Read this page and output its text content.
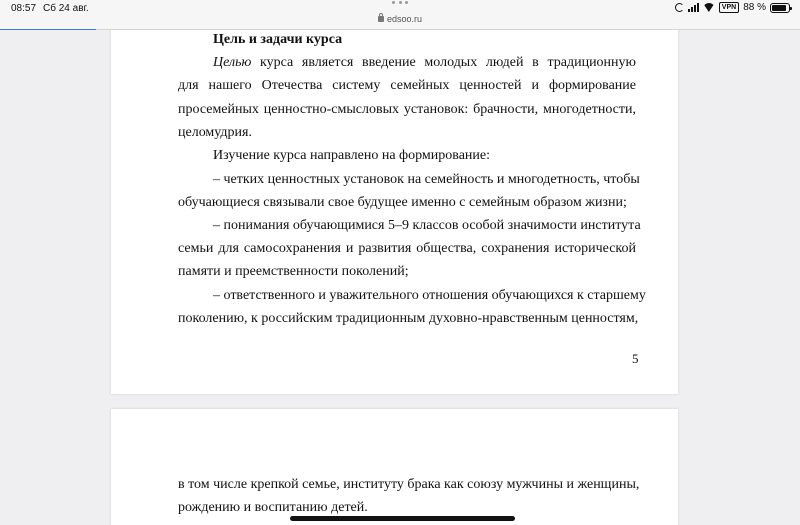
08:57 Сб 24 авг.
edsoo.ru
VPN 88 %
Цель и задачи курса
Целью курса является введение молодых людей в традиционную
для нашего Отечества систему семейных ценностей и формирование
просемейных ценностно-смысловых установок: брачности, многодетности,
целомудрия.
Изучение курса направлено на формирование:
– четких ценностных установок на семейность и многодетность, чтобы
обучающиеся связывали свое будущее именно с семейным образом жизни;
– понимания обучающимися 5–9 классов особой значимости института
семьи для самосохранения и развития общества, сохранения исторической
памяти и преемственности поколений;
– ответственного и уважительного отношения обучающихся к старшему
поколению, к российским традиционным духовно-нравственным ценностям,
5
в том числе крепкой семье, институту брака как союзу мужчины и женщины,
рождению и воспитанию детей.
